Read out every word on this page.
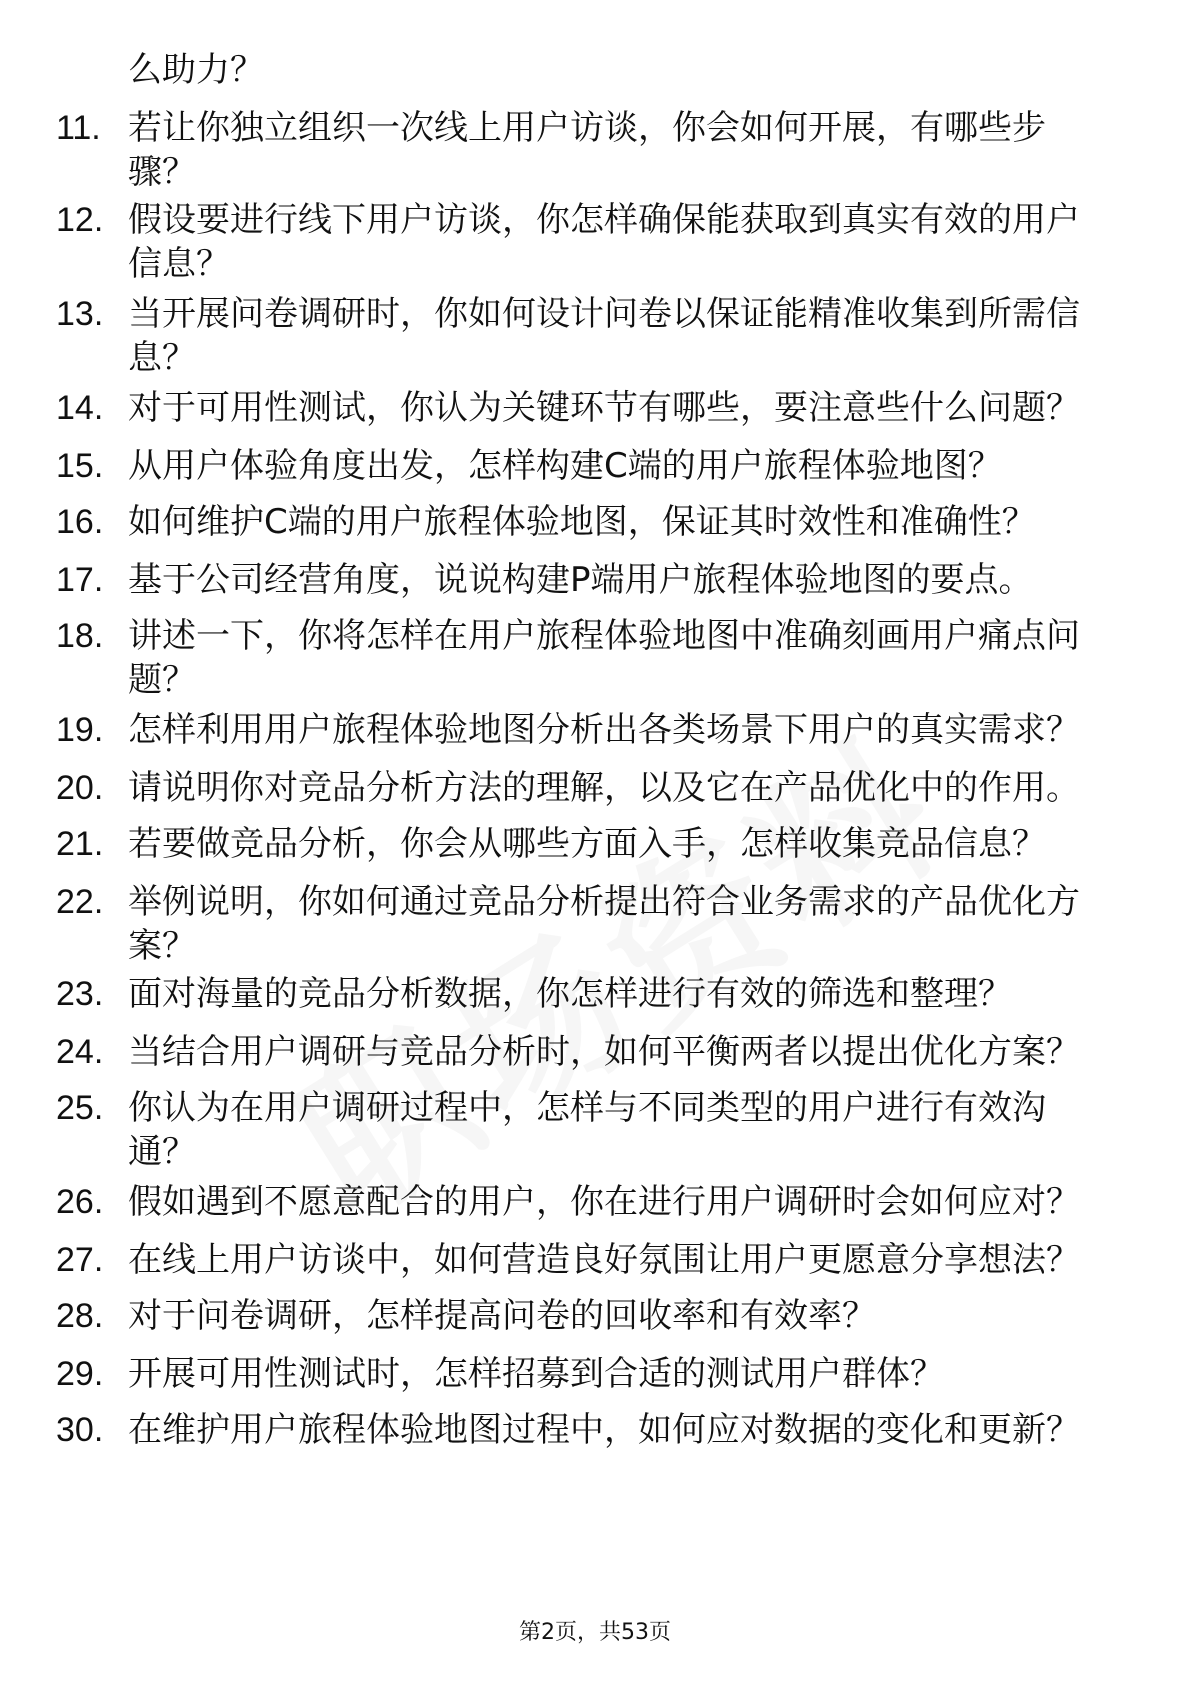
么助力？

11. 若让你独立组织一次线上用户访谈，你会如何开展，有哪些步骤？
12. 假设要进行线下用户访谈，你怎样确保能获取到真实有效的用户信息？
13. 当开展问卷调研时，你如何设计问卷以保证能精准收集到所需信息？
14. 对于可用性测试，你认为关键环节有哪些，要注意些什么问题？
15. 从用户体验角度出发，怎样构建C端的用户旅程体验地图？
16. 如何维护C端的用户旅程体验地图，保证其时效性和准确性？
17. 基于公司经营角度，说说构建P端用户旅程体验地图的要点。
18. 讲述一下，你将怎样在用户旅程体验地图中准确刻画用户痛点问题？
19. 怎样利用用户旅程体验地图分析出各类场景下用户的真实需求？
20. 请说明你对竞品分析方法的理解，以及它在产品优化中的作用。
21. 若要做竞品分析，你会从哪些方面入手，怎样收集竞品信息？
22. 举例说明，你如何通过竞品分析提出符合业务需求的产品优化方案？
23. 面对海量的竞品分析数据，你怎样进行有效的筛选和整理？
24. 当结合用户调研与竞品分析时，如何平衡两者以提出优化方案？
25. 你认为在用户调研过程中，怎样与不同类型的用户进行有效沟通？
26. 假如遇到不愿意配合的用户，你在进行用户调研时会如何应对？
27. 在线上用户访谈中，如何营造良好氛围让用户更愿意分享想法？
28. 对于问卷调研，怎样提高问卷的回收率和有效率？
29. 开展可用性测试时，怎样招募到合适的测试用户群体？
30. 在维护用户旅程体验地图过程中，如何应对数据的变化和更新？
第2页，共53页
